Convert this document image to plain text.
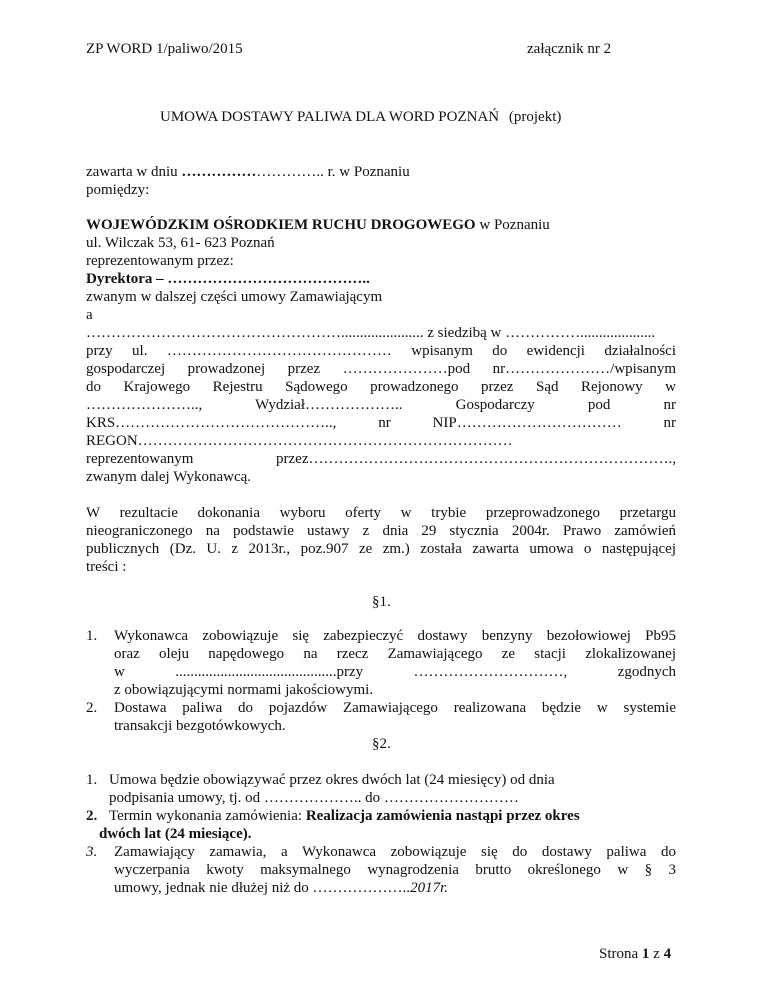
ZP WORD 1/paliwo/2015	załącznik nr 2
UMOWA DOSTAWY PALIWA DLA WORD POZNAŃ (projekt)
zawarta w dniu ……………………….. r. w Poznaniu
pomiędzy:
WOJEWÓDZKIM OŚRODKIEM RUCHU DROGOWEGO w Poznaniu
ul. Wilczak 53, 61- 623 Poznań
reprezentowanym przez:
Dyrektora – …………………………………..
zwanym w dalszej części umowy Zamawiającym
a
……………………………………………...................... z siedzibą w ……………....................
przy ul. ……………………………………… wpisanym do ewidencji działalności
gospodarczej prowadzonej przez …………………pod nr…………………/wpisanym
do Krajowego Rejestru Sądowego prowadzonego przez Sąd Rejonowy w
…………………..,	Wydział………………..	Gospodarczy	pod	nr
KRS……………………………………..,	nr	NIP……………………………	nr
REGON…………………………………………………………………
reprezentowanym	przez……………………………………………………………….,
zwanym dalej Wykonawcą.
W rezultacie dokonania wyboru oferty w trybie przeprowadzonego przetargu
nieograniczonego na podstawie ustawy z dnia 29 stycznia 2004r. Prawo zamówień
publicznych (Dz. U. z 2013r., poz.907 ze zm.) została zawarta umowa o następującej
treści :
§1.
1. Wykonawca zobowiązuje się zabezpieczyć dostawy benzyny bezołowiowej Pb95
oraz oleju napędowego na rzecz Zamawiającego ze stacji zlokalizowanej
w	...........................................przy	…………………………,	zgodnych
z obowiązującymi normami jakościowymi.
2. Dostawa paliwa do pojazdów Zamawiającego realizowana będzie w systemie
transakcji bezgotówkowych.
§2.
1. Umowa będzie obowiązywać przez okres dwóch lat (24 miesięcy) od dnia
podpisania umowy, tj. od ……………….. do ………………………
2. Termin wykonania zamówienia: Realizacja zamówienia nastąpi przez okres
dwóch lat (24 miesiące).
3. Zamawiający zamawia, a Wykonawca zobowiązuje się do dostawy paliwa do
wyczerpania kwoty maksymalnego wynagrodzenia brutto określonego w § 3
umowy, jednak nie dłużej niż do ………………..2017r.
Strona 1 z 4
